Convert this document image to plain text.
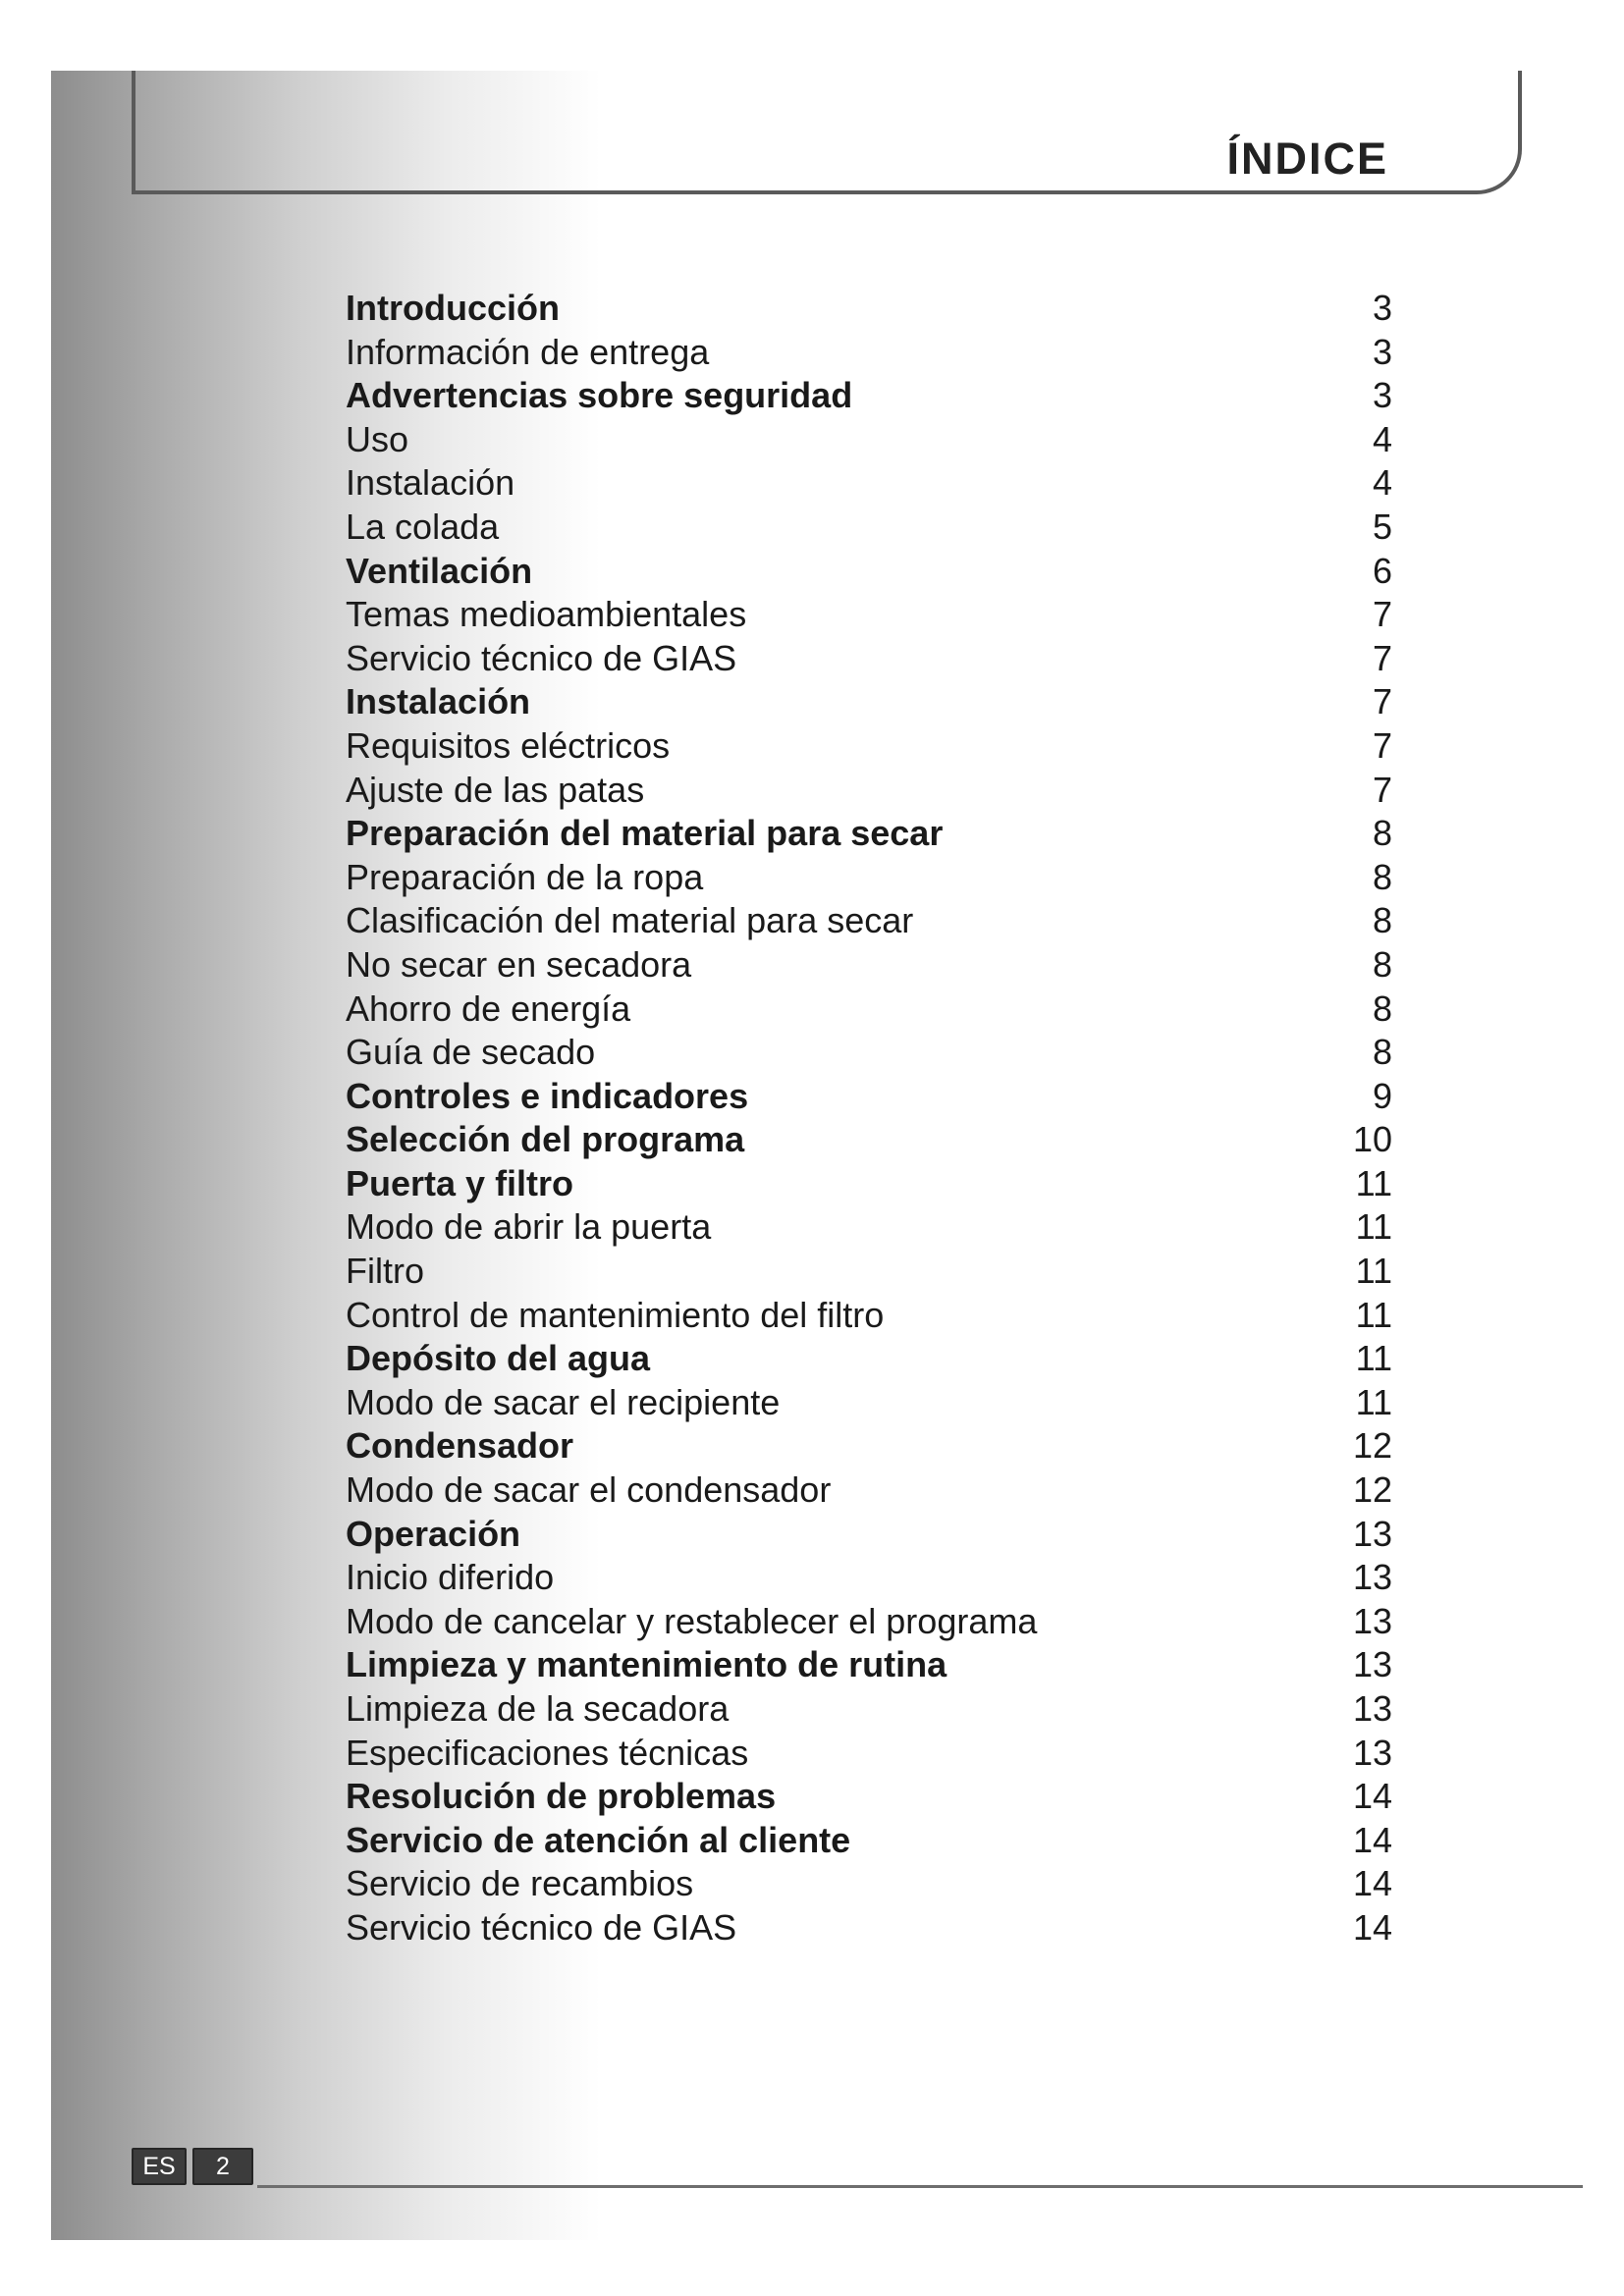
ÍNDICE
Introducción	3
Información de entrega	3
Advertencias sobre seguridad	3
Uso	4
Instalación	4
La colada	5
Ventilación	6
Temas medioambientales	7
Servicio técnico de GIAS	7
Instalación	7
Requisitos eléctricos	7
Ajuste de las patas	7
Preparación del material para secar	8
Preparación de la ropa	8
Clasificación del material para secar	8
No secar en secadora	8
Ahorro de energía	8
Guía de secado	8
Controles e indicadores	9
Selección del programa	10
Puerta y filtro	11
Modo de abrir la puerta	11
Filtro	11
Control de mantenimiento del filtro	11
Depósito del agua	11
Modo de sacar el recipiente	11
Condensador	12
Modo de sacar el condensador	12
Operación	13
Inicio diferido	13
Modo de cancelar y restablecer el programa	13
Limpieza y mantenimiento de rutina	13
Limpieza de la secadora	13
Especificaciones técnicas	13
Resolución de problemas	14
Servicio de atención al cliente	14
Servicio de recambios	14
Servicio técnico de GIAS	14
ES	2
